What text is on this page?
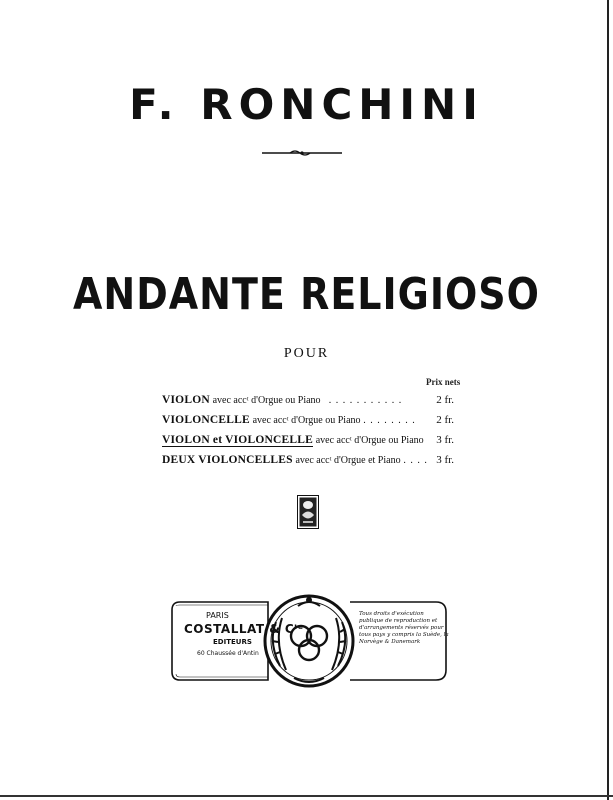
F. RONCHINI
ANDANTE RELIGIOSO
POUR
Prix nets
VIOLON avec accᵗ d'Orgue ou Piano . . . . . . . . . . .	2 fr.
VIOLONCELLE avec accᵗ d'Orgue ou Piano . . . . . . . . 2 fr.
VIOLON et VIOLONCELLE avec accᵗ d'Orgue ou Piano 3 fr.
DEUX VIOLONCELLES avec accᵗ d'Orgue et Piano . . . . 3 fr.
PARIS
COSTALLAT & Cᴵᵉ
EDITEURS
60 Chaussée d'Antin
Tous droits d'exécution publique de reproduction et d'arrangements réservés pour tous pays y compris la Suède, la Norvège & Danemark
